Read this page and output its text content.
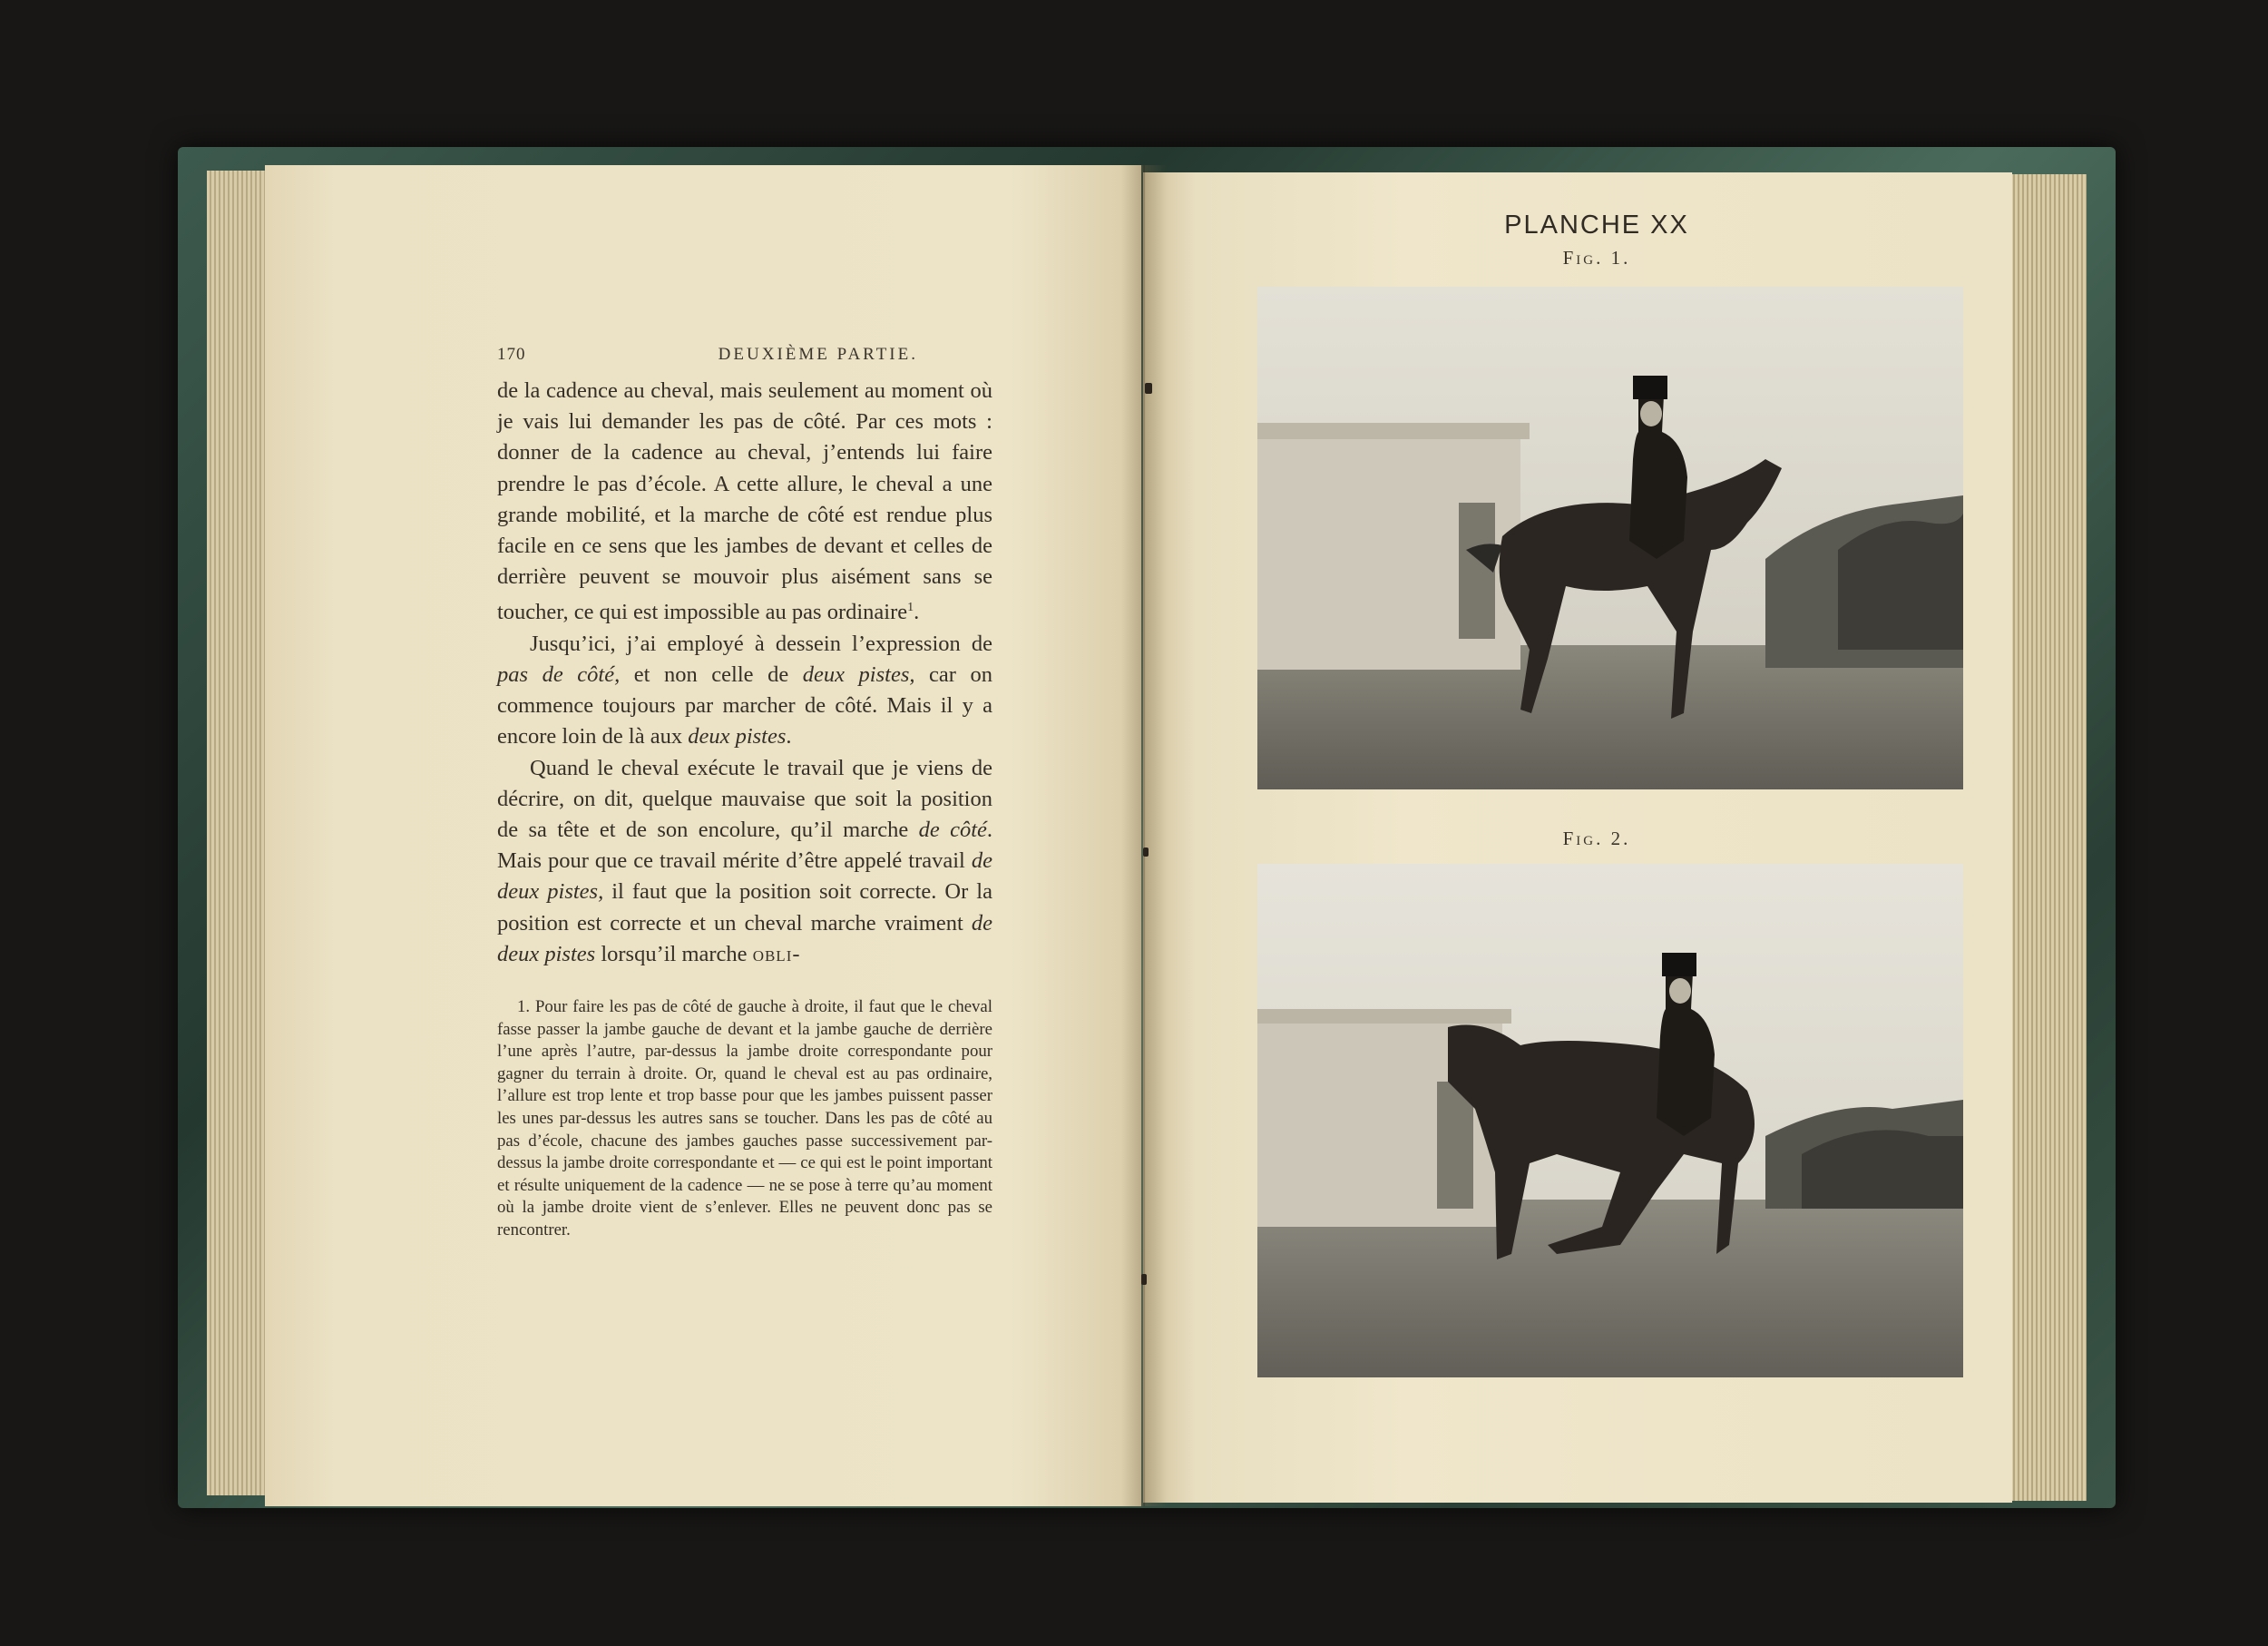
170	DEUXIÈME PARTIE.

de la cadence au cheval, mais seulement au moment où je vais lui demander les pas de côté. Par ces mots : donner de la cadence au cheval, j’entends lui faire prendre le pas d’école. A cette allure, le cheval a une grande mobilité, et la marche de côté est rendue plus facile en ce sens que les jambes de devant et celles de derrière peuvent se mouvoir plus aisément sans se toucher, ce qui est impossible au pas ordinaire$^1$.

Jusqu’ici, j’ai employé à dessein l’expression de pas de côté, et non celle de deux pistes, car on commence toujours par marcher de côté. Mais il y a encore loin de là aux deux pistes.

Quand le cheval exécute le travail que je viens de décrire, on dit, quelque mauvaise que soit la position de sa tête et de son encolure, qu’il marche de côté. Mais pour que ce travail mérite d’être appelé travail de deux pistes, il faut que la position soit correcte. Or la position est correcte et un cheval marche vraiment de deux pistes lorsqu’il marche obli-

1. Pour faire les pas de côté de gauche à droite, il faut que le cheval fasse passer la jambe gauche de devant et la jambe gauche de derrière l’une après l’autre, par-dessus la jambe droite correspondante pour gagner du terrain à droite. Or, quand le cheval est au pas ordinaire, l’allure est trop lente et trop basse pour que les jambes puissent passer les unes par-dessus les autres sans se toucher. Dans les pas de côté au pas d’école, chacune des jambes gauches passe successivement par-dessus la jambe droite correspondante et — ce qui est le point important et résulte uniquement de la cadence — ne se pose à terre qu’au moment où la jambe droite vient de s’enlever. Elles ne peuvent donc pas se rencontrer.

PLANCHE XX
Fig. 1.
Fig. 2.
